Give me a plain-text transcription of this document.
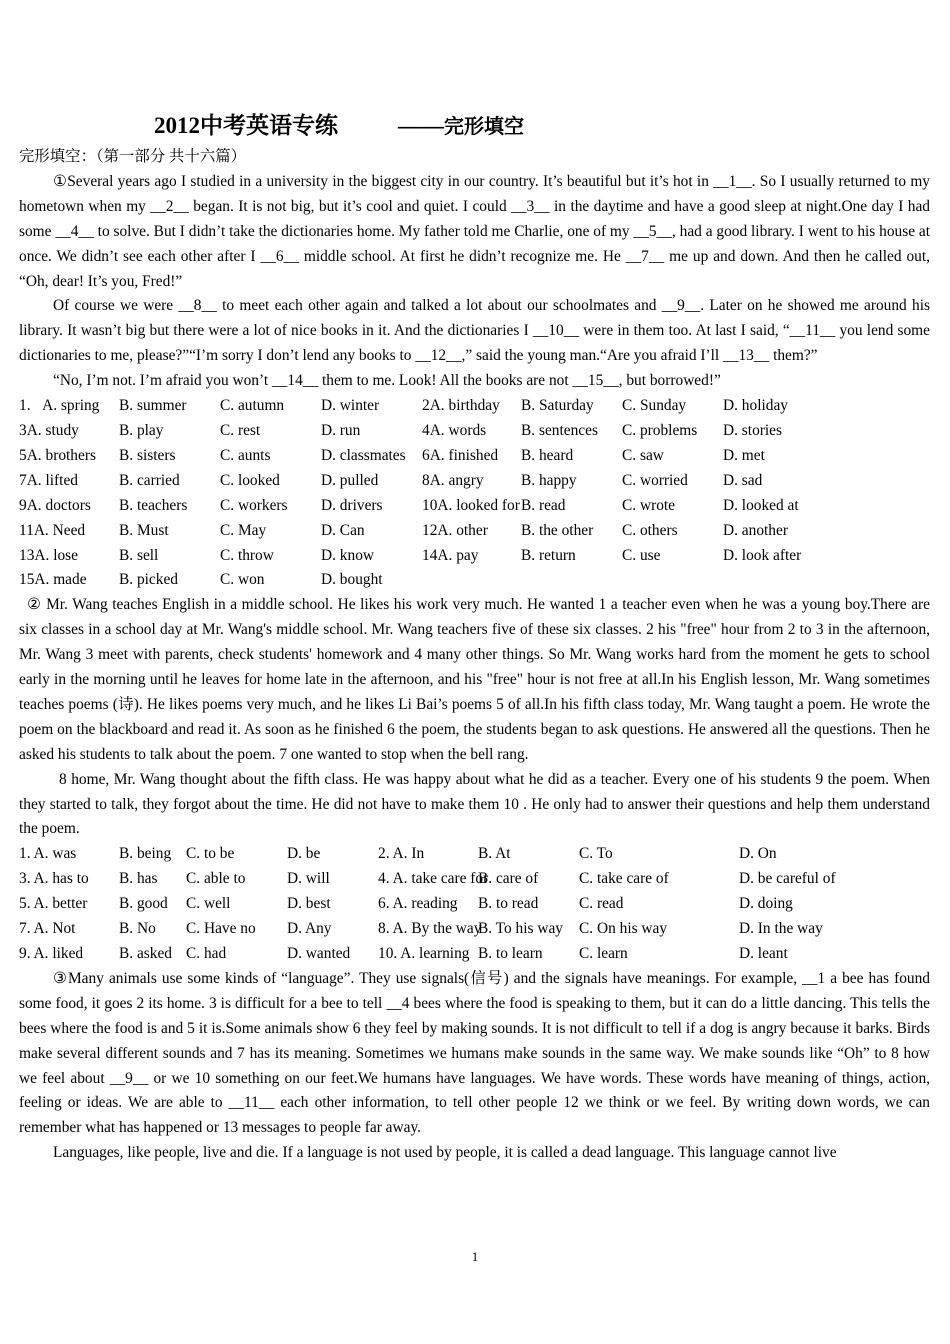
2012中考英语专练	——完形填空

完形填空：（第一部分 共十六篇）

①Several years ago I studied in a university in the biggest city in our country. It’s beautiful but it’s hot in __1__. So I usually returned to my hometown when my __2__ began. It is not big, but it’s cool and quiet. I could __3__ in the daytime and have a good sleep at night.One day I had some __4__ to solve. But I didn’t take the dictionaries home. My father told me Charlie, one of my __5__, had a good library. I went to his house at once. We didn’t see each other after I __6__ middle school. At first he didn’t recognize me. He __7__ me up and down. And then he called out, “Oh, dear! It’s you, Fred!”

Of course we were __8__ to meet each other again and talked a lot about our schoolmates and __9__. Later on he showed me around his library. It wasn’t big but there were a lot of nice books in it. And the dictionaries I __10__ were in them too. At last I said, “__11__ you lend some dictionaries to me, please?”“I’m sorry I don’t lend any books to __12__,” said the young man.“Are you afraid I’ll __13__ them?”

“No, I’m not. I’m afraid you won’t __14__ them to me. Look! All the books are not __15__, but borrowed!”

1.   A. spring B. summer C. autumn D. winter	2A. birthday B. Saturday C. Sunday D. holiday
3A. study	B. play	C. rest	D. run	4A. words B. sentences C. problems D. stories
5A. brothers B. sisters	C. aunts	D. classmates 6A. finished B. heard	C. saw	D. met
7A. lifted	B. carried	C. looked	D. pulled	8A. angry B. happy	C. worried D. sad
9A. doctors B. teachers C. workers D. drivers	10A. looked forB. read	C. wrote	D. looked at
11A. Need B. Must	C. May	D. Can	12A. other B. the other C. others	D. another
13A. lose	B. sell	C. throw	D. know	14A. pay	B. return	C. use	D. look after
15A. made B. picked	C. won	D. bought

② Mr. Wang teaches English in a middle school. He likes his work very much. He wanted 1 a teacher even when he was a young boy.There are six classes in a school day at Mr. Wang's middle school. Mr. Wang teachers five of these six classes. 2 his "free" hour from 2 to 3 in the afternoon, Mr. Wang 3 meet with parents, check students' homework and 4 many other things. So Mr. Wang works hard from the moment he gets to school early in the morning until he leaves for home late in the afternoon, and his "free" hour is not free at all.In his English lesson, Mr. Wang sometimes teaches poems (诗). He likes poems very much, and he likes Li Bai’s poems 5 of all.In his fifth class today, Mr. Wang taught a poem. He wrote the poem on the blackboard and read it. As soon as he finished 6 the poem, the students began to ask questions. He answered all the questions. Then he asked his students to talk about the poem. 7 one wanted to stop when the bell rang.

8 home, Mr. Wang thought about the fifth class. He was happy about what he did as a teacher. Every one of his students 9 the poem. When they started to talk, they forgot about the time. He did not have to make them 10 . He only had to answer their questions and help them understand the poem.

1. A. was	B. being C. to be	D. be	2. A. In	B. At	C. To	D. On
3. A. has to B. has C. able to	D. will	4. A. take care forB. care of	C. take care of	D. be careful of
5. A. better B. good C. well	D. best	6. A. reading B. to read	C. read	D. doing
7. A. Not	B. No C. Have no D. Any	8. A. By the wayB. To his way C. On his way	D. In the way
9. A. liked B. asked C. had	D. wanted 10. A. learning B. to learn C. learn	D. leant

③Many animals use some kinds of “language”. They use signals(信号) and the signals have meanings. For example, __1 a bee has found some food, it goes 2 its home. 3 is difficult for a bee to tell __4 bees where the food is speaking to them, but it can do a little dancing. This tells the bees where the food is and 5 it is.Some animals show 6 they feel by making sounds. It is not difficult to tell if a dog is angry because it barks. Birds make several different sounds and 7 has its meaning. Sometimes we humans make sounds in the same way. We make sounds like “Oh” to 8 how we feel about __9__ or we 10 something on our feet.We humans have languages. We have words. These words have meaning of things, action, feeling or ideas. We are able to __11__ each other information, to tell other people 12 we think or we feel. By writing down words, we can remember what has happened or 13 messages to people far away.

Languages, like people, live and die. If a language is not used by people, it is called a dead language. This language cannot live

1
